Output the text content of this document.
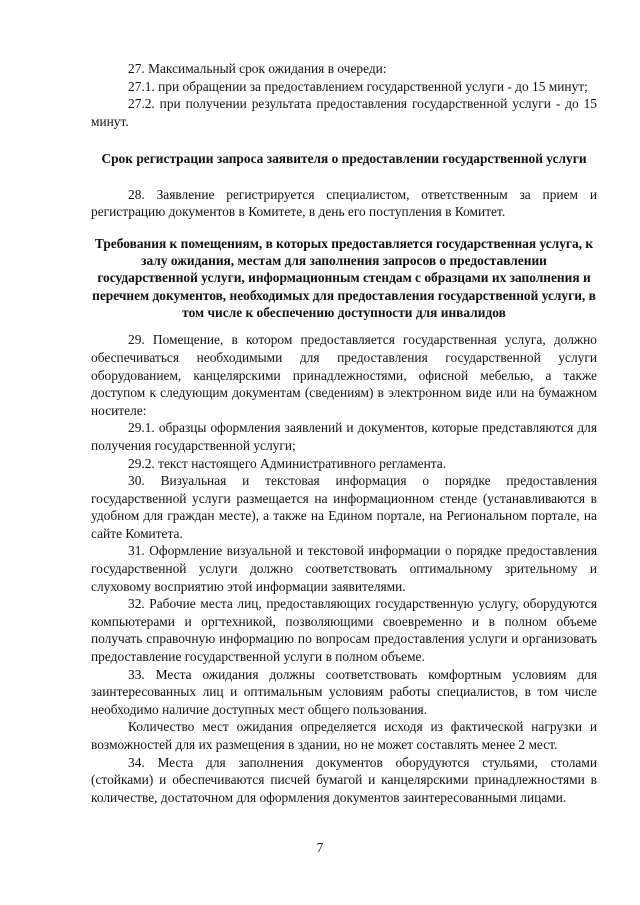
27. Максимальный срок ожидания в очереди:

27.1. при обращении за предоставлением государственной услуги - до 15 минут;

27.2. при получении результата предоставления государственной услуги - до 15 минут.

Срок регистрации запроса заявителя о предоставлении государственной услуги

28. Заявление регистрируется специалистом, ответственным за прием и регистрацию документов в Комитете, в день его поступления в Комитет.

Требования к помещениям, в которых предоставляется государственная услуга, к залу ожидания, местам для заполнения запросов о предоставлении государственной услуги, информационным стендам с образцами их заполнения и перечнем документов, необходимых для предоставления государственной услуги, в том числе к обеспечению доступности для инвалидов

29. Помещение, в котором предоставляется государственная услуга, должно обеспечиваться необходимыми для предоставления государственной услуги оборудованием, канцелярскими принадлежностями, офисной мебелью, а также доступом к следующим документам (сведениям) в электронном виде или на бумажном носителе:

29.1. образцы оформления заявлений и документов, которые представляются для получения государственной услуги;

29.2. текст настоящего Административного регламента.

30. Визуальная и текстовая информация о порядке предоставления государственной услуги размещается на информационном стенде (устанавливаются в удобном для граждан месте), а также на Едином портале, на Региональном портале, на сайте Комитета.

31. Оформление визуальной и текстовой информации о порядке предоставления государственной услуги должно соответствовать оптимальному зрительному и слуховому восприятию этой информации заявителями.

32. Рабочие места лиц, предоставляющих государственную услугу, оборудуются компьютерами и оргтехникой, позволяющими своевременно и в полном объеме получать справочную информацию по вопросам предоставления услуги и организовать предоставление государственной услуги в полном объеме.

33. Места ожидания должны соответствовать комфортным условиям для заинтересованных лиц и оптимальным условиям работы специалистов, в том числе необходимо наличие доступных мест общего пользования.

Количество мест ожидания определяется исходя из фактической нагрузки и возможностей для их размещения в здании, но не может составлять менее 2 мест.

34. Места для заполнения документов оборудуются стульями, столами (стойками) и обеспечиваются писчей бумагой и канцелярскими принадлежностями в количестве, достаточном для оформления документов заинтересованными лицами.

7
